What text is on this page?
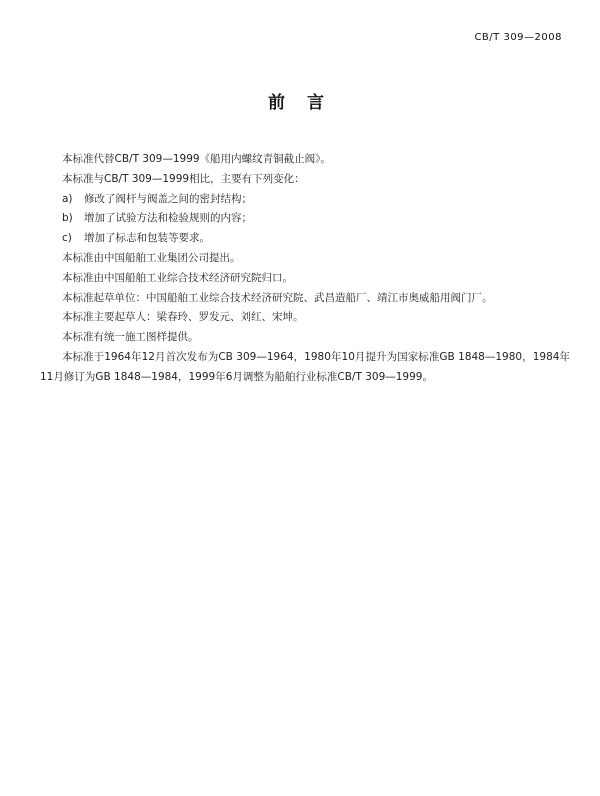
CB/T 309—2008
前 言

本标准代替CB/T 309—1999《船用内螺纹青铜截止阀》。

本标准与CB/T 309—1999相比，主要有下列变化：

a) 修改了阀杆与阀盖之间的密封结构；

b) 增加了试验方法和检验规则的内容；

c) 增加了标志和包装等要求。

本标准由中国船舶工业集团公司提出。

本标准由中国船舶工业综合技术经济研究院归口。

本标准起草单位：中国船舶工业综合技术经济研究院、武昌造船厂、靖江市奥威船用阀门厂。

本标准主要起草人：梁春玲、罗发元、刘红、宋坤。

本标准有统一施工图样提供。

本标准于1964年12月首次发布为CB 309—1964，1980年10月提升为国家标准GB 1848—1980，1984年11月修订为GB 1848—1984，1999年6月调整为船舶行业标准CB/T 309—1999。
